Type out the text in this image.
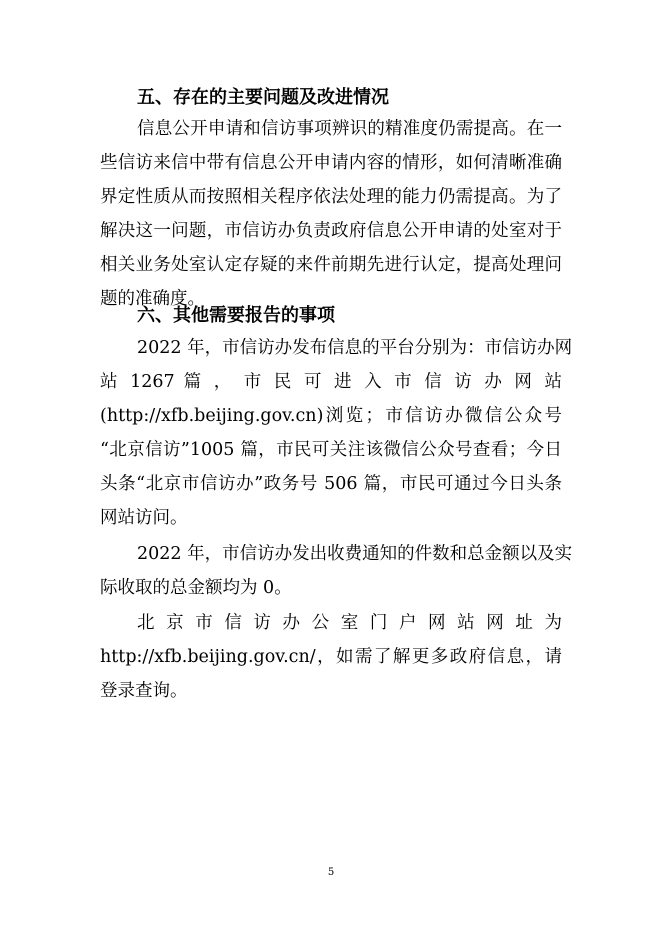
五、存在的主要问题及改进情况
信息公开申请和信访事项辨识的精准度仍需提高。在一
些信访来信中带有信息公开申请内容的情形，如何清晰准确
界定性质从而按照相关程序依法处理的能力仍需提高。为了
解决这一问题，市信访办负责政府信息公开申请的处室对于
相关业务处室认定存疑的来件前期先进行认定，提高处理问
题的准确度。
六、其他需要报告的事项
2022 年，市信访办发布信息的平台分别为：市信访办网
站 1267 篇 ， 市 民 可 进 入 市 信 访 办 网 站
(http://xfb.beijing.gov.cn)浏览；市信访办微信公众号
“北京信访”1005 篇，市民可关注该微信公众号查看；今日
头条“北京市信访办”政务号 506 篇，市民可通过今日头条
网站访问。
2022 年，市信访办发出收费通知的件数和总金额以及实
际收取的总金额均为 0。
北 京 市 信 访 办 公 室 门 户 网 站 网 址 为
http://xfb.beijing.gov.cn/，如需了解更多政府信息，请
登录查询。
5
